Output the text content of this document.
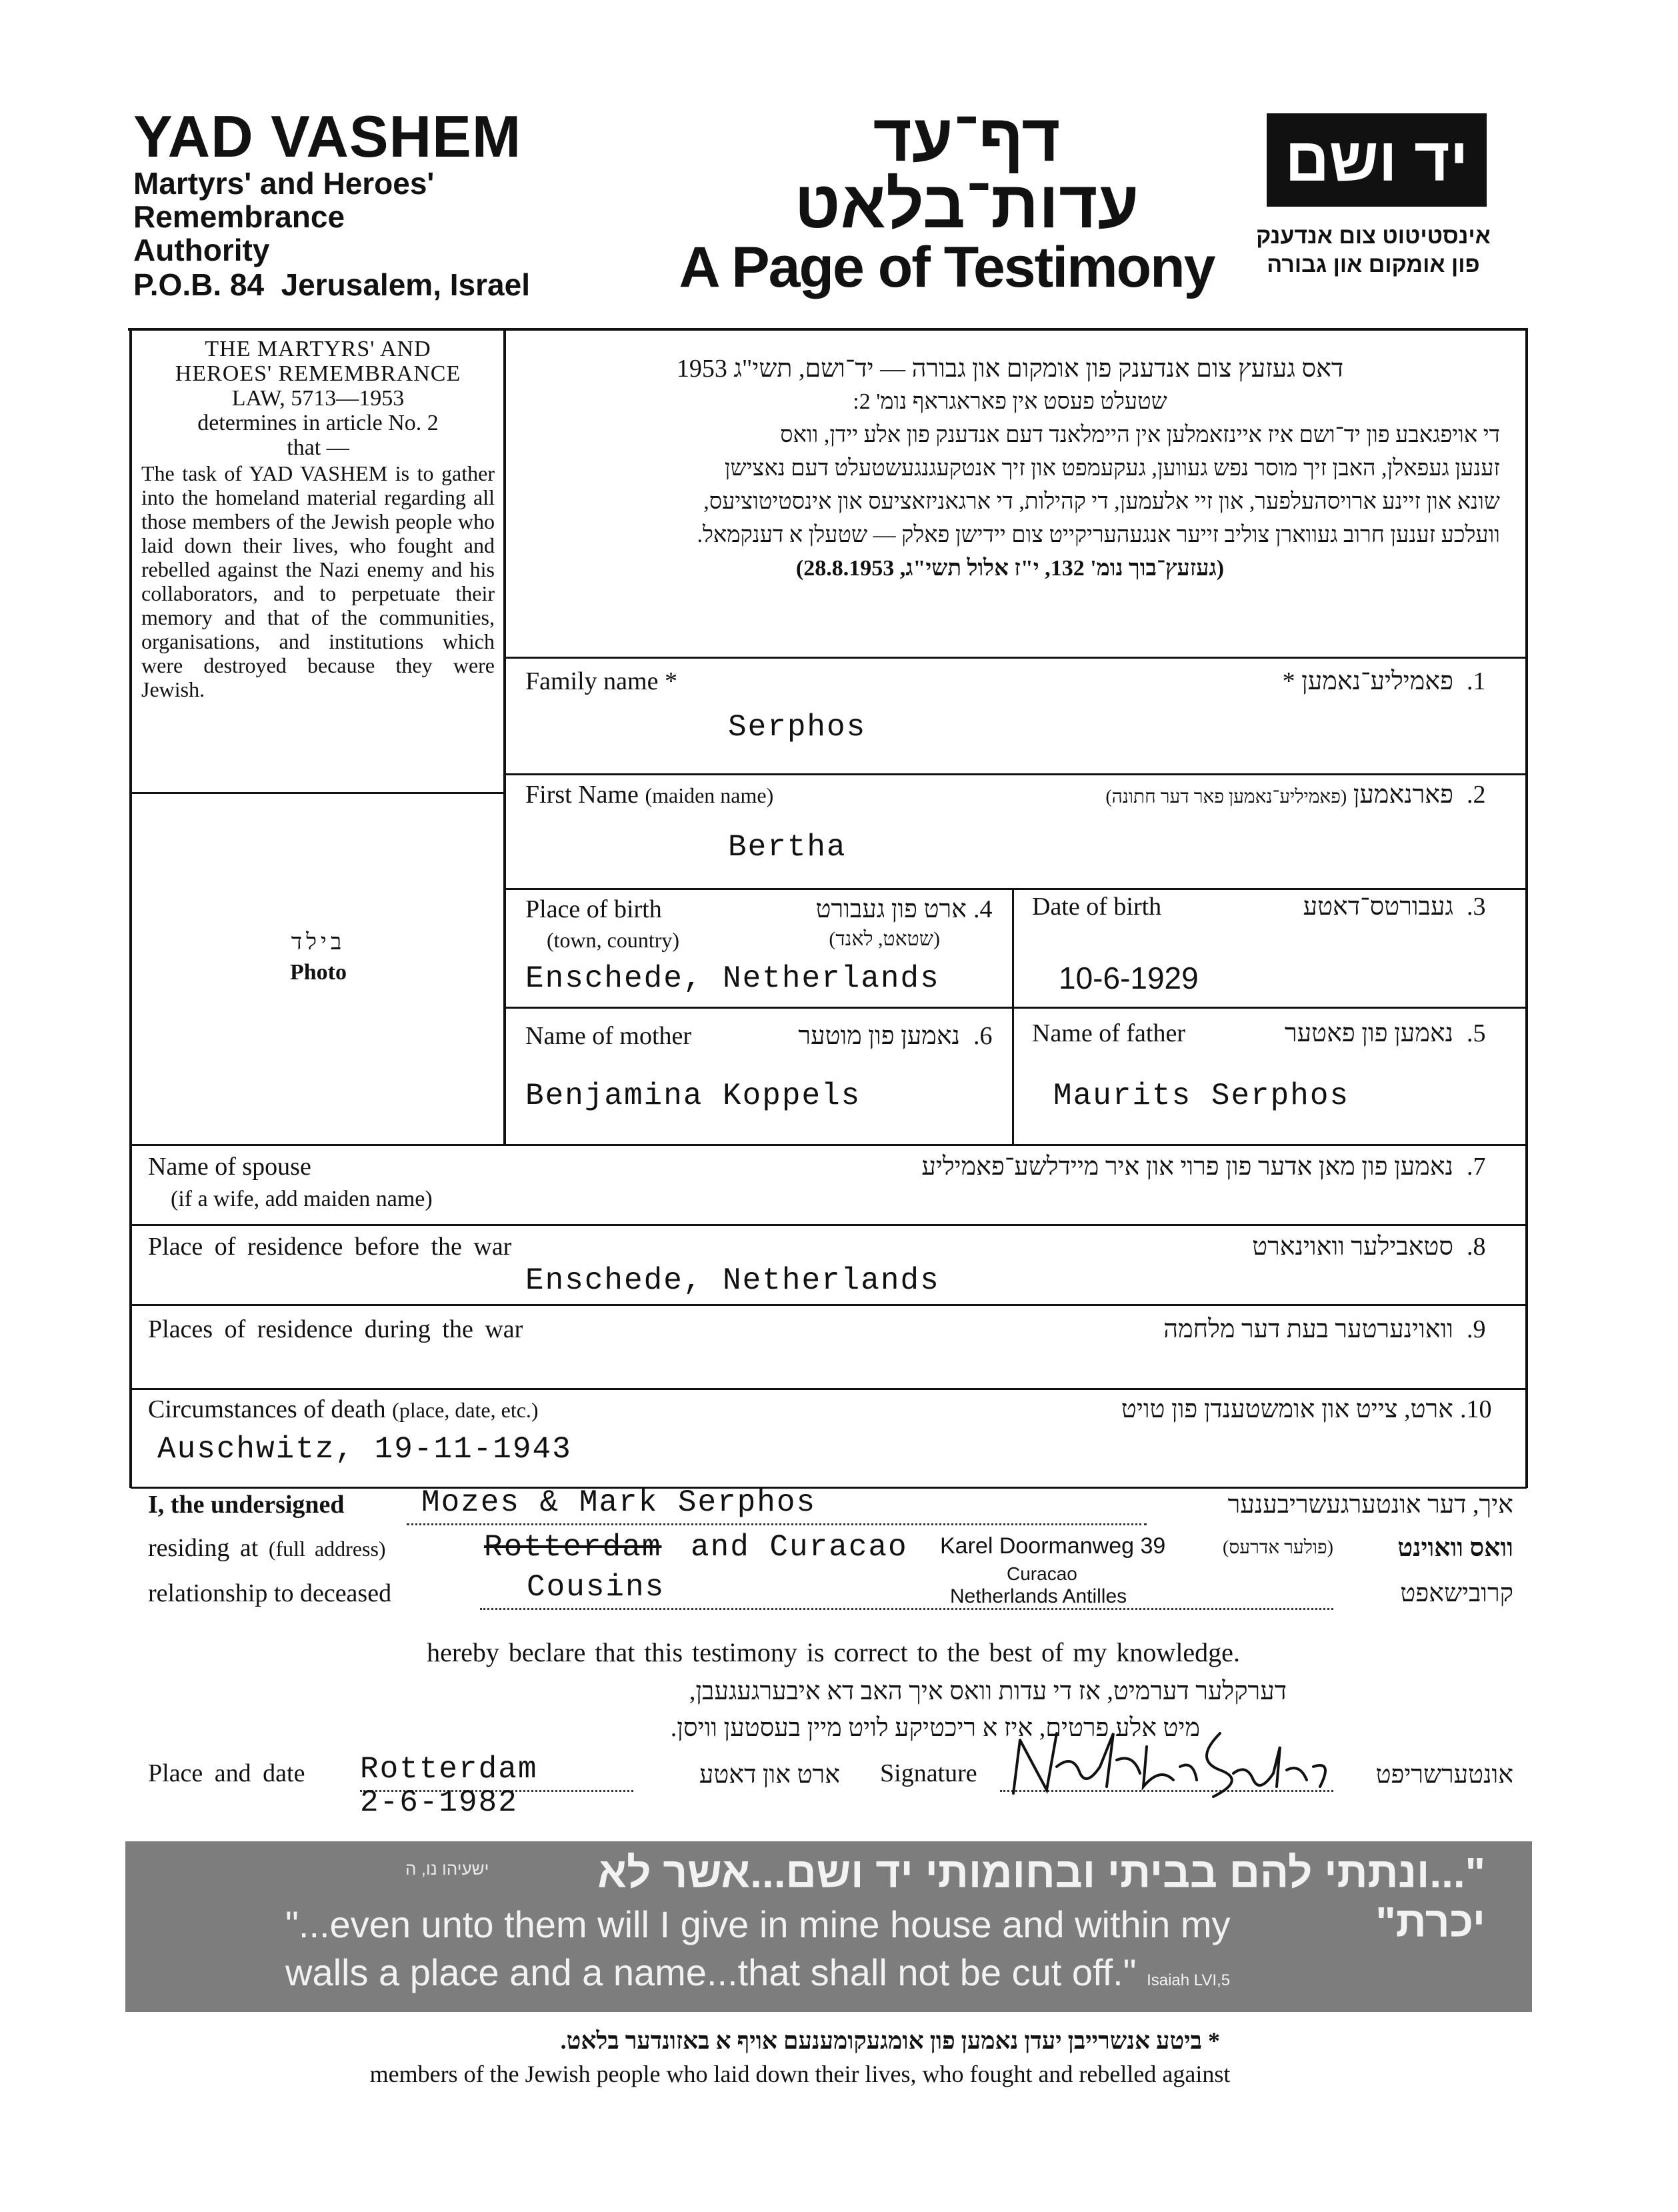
YAD VASHEM
Martyrs' and Heroes'
Remembrance
Authority
P.O.B. 84  Jerusalem, Israel
דף־עד
עדות־בלאט
A Page of Testimony
יד ושם
אינסטיטוט צום אנדענק
פון אומקום און גבורה
THE MARTYRS' AND
HEROES' REMEMBRANCE
LAW, 5713—1953
determines in article No. 2
that —
The task of YAD VASHEM is to gather into the homeland material regarding all those members of the Jewish people who laid down their lives, who fought and rebelled against the Nazi enemy and his collaborators, and to perpetuate their memory and that of the communities, organisations, and institutions which were destroyed because they were Jewish.
בילד
Photo
דאס געזעץ צום אנדענק פון אומקום און גבורה — יד־ושם, תשי"ג 1953
שטעלט פעסט אין פאראגראף נומ' 2:
די אויפגאבע פון יד־ושם איז איינזאמלען אין היימלאנד דעם אנדענק פון אלע יידן, וואס
זענען געפאלן, האבן זיך מוסר נפש געווען, געקעמפט און זיך אנטקעגנגעשטעלט דעם נאצישן
שונא און זיינע ארויסהעלפער, און זיי אלעמען, די קהילות, די ארגאניזאציעס און אינסטיטוציעס,
וועלכע זענען חרוב געווארן צוליב זייער אנגעהעריקייט צום יידישן פאלק — שטעלן א דענקמאל.
(געזעץ־בוך נומ' 132, י"ז אלול תשי"ג, 28.8.1953)
Family name *	פאמיליע־נאמען * .1
Serphos
First Name (maiden name)	פארנאמען (פאמיליע־נאמען פאר דער חתונה)	.2
Bertha
Place of birth	ארט פון געבורט .4
(town, country)	(שטאט, לאנד)
Enschede, Netherlands
Date of birth	געבורטס־דאטע .3
10-6-1929
Name of mother	נאמען פון מוטער .6
Benjamina Koppels
Name of father	נאמען פון פאטער .5
Maurits Serphos
Name of spouse
(if a wife, add maiden name)
נאמען פון מאן אדער פון פרוי און איר מיידלשע־פאמיליע .7
Place of residence before the war	סטאבילער וואוינארט .8
Enschede, Netherlands
Places of residence during the war	וואוינערטער בעת דער מלחמה .9
Circumstances of death (place, date, etc.)	ארט, צייט און אומשטענדן פון טויט .10
Auschwitz, 19-11-1943
I, the undersigned	Mozes & Mark Serphos	איך, דער אונטערגעשריבענער
residing at (full address)	Rotterdam and Curacao Karel Doormanweg 39
Curacao
Netherlands Antilles
(פולער אדרעס)	וואס וואוינט
relationship to deceased	Cousins	קרובישאפט
hereby beclare that this testimony is correct to the best of my knowledge.
דערקלער דערמיט, אז די עדות וואס איך האב דא איבערגעגעבן,
מיט אלע פרטים, איז א ריכטיקע לויט מיין בעסטען וויסן.
Place and date Rotterdam
2-6-1982
ארט און דאטע Signature	אונטערשריפט
ישעיהו נו, ה	"...ונתתי להם בביתי ובחומותי יד ושם...אשר לא יכרת"
"...even unto them will I give in mine house and within my
walls a place and a name...that shall not be cut off." Isaiah LVI,5
* ביטע אנשרייבן יעדן נאמען פון אומגעקומענעם אויף א באזונדער בלאט.
members of the Jewish people who laid down their lives, who fought and rebelled against
